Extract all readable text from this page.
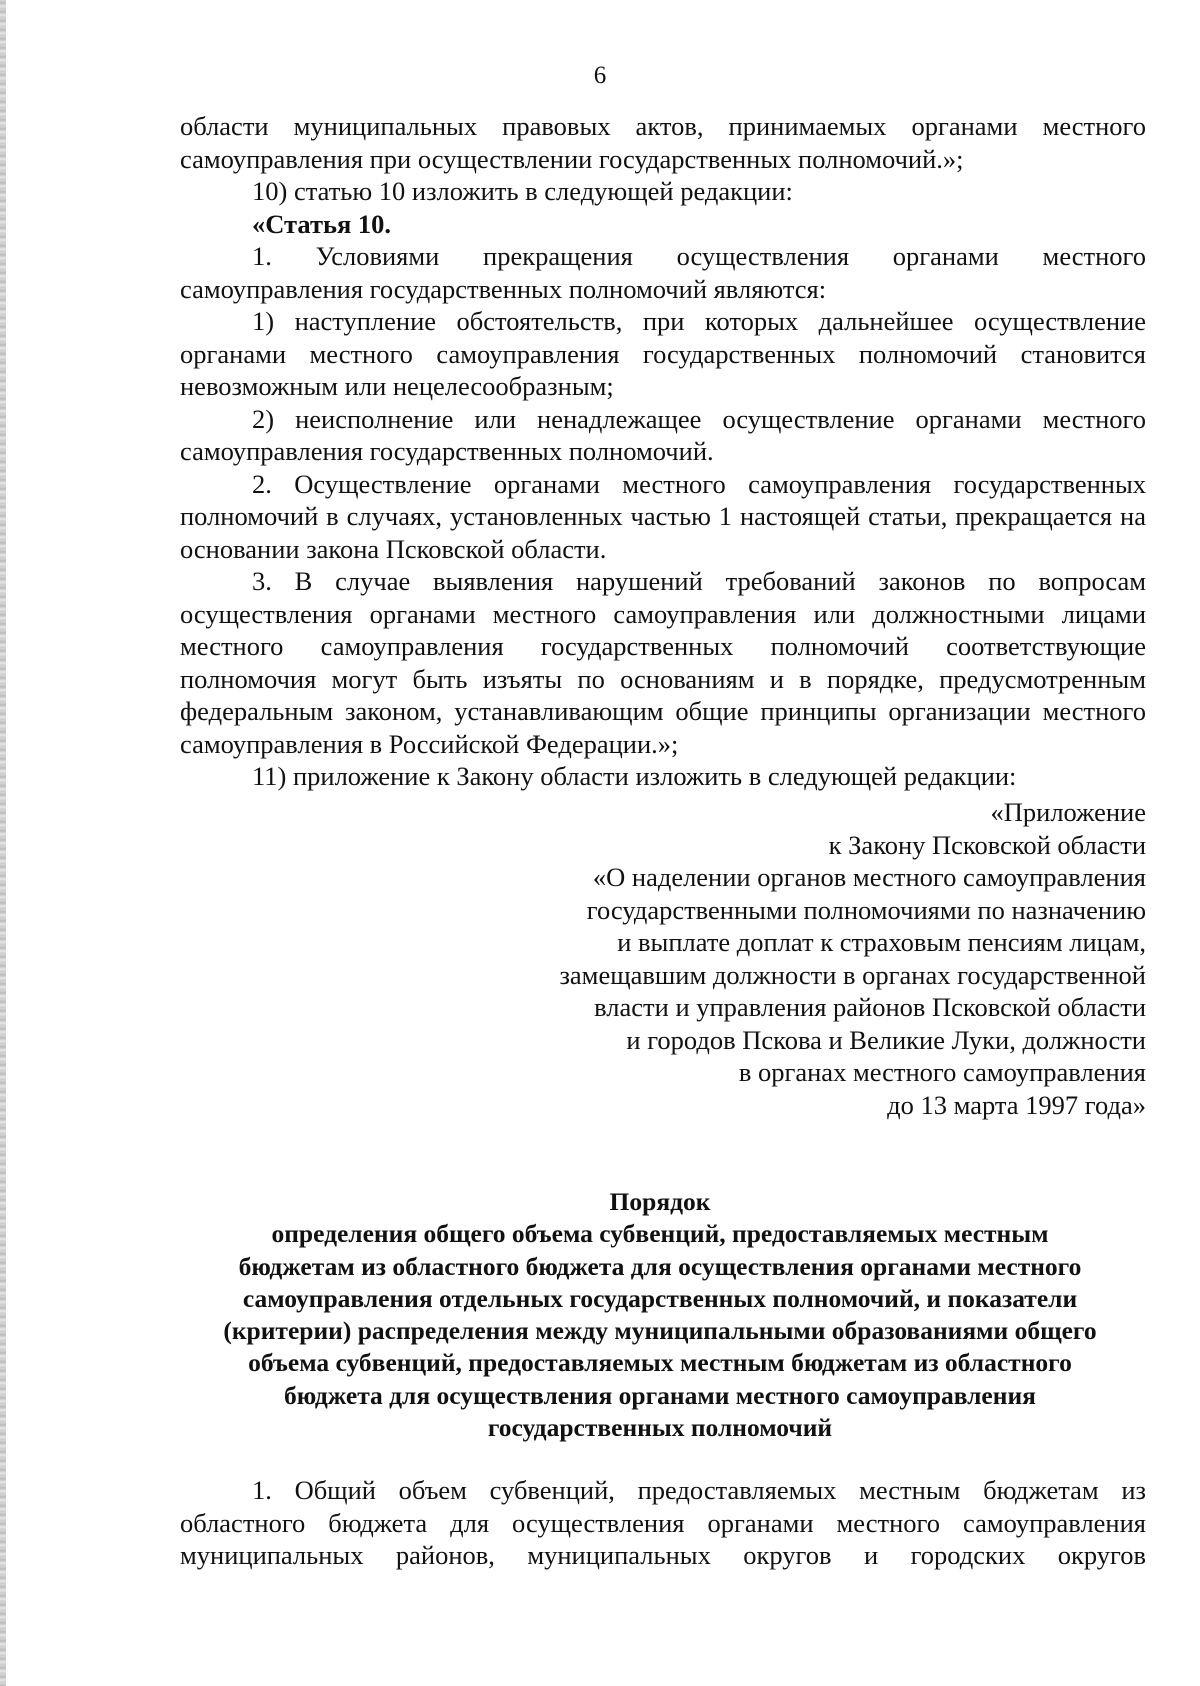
6

области муниципальных правовых актов, принимаемых органами местного самоуправления при осуществлении государственных полномочий.»;

10) статью 10 изложить в следующей редакции:

«Статья 10.

1. Условиями прекращения осуществления органами местного самоуправления государственных полномочий являются:

1) наступление обстоятельств, при которых дальнейшее осуществление органами местного самоуправления государственных полномочий становится невозможным или нецелесообразным;

2) неисполнение или ненадлежащее осуществление органами местного самоуправления государственных полномочий.

2. Осуществление органами местного самоуправления государственных полномочий в случаях, установленных частью 1 настоящей статьи, прекращается на основании закона Псковской области.

3. В случае выявления нарушений требований законов по вопросам осуществления органами местного самоуправления или должностными лицами местного самоуправления государственных полномочий соответствующие полномочия могут быть изъяты по основаниям и в порядке, предусмотренным федеральным законом, устанавливающим общие принципы организации местного самоуправления в Российской Федерации.»;

11) приложение к Закону области изложить в следующей редакции:

«Приложение
к Закону Псковской области
«О наделении органов местного самоуправления
государственными полномочиями по назначению
и выплате доплат к страховым пенсиям лицам,
замещавшим должности в органах государственной
власти и управления районов Псковской области
и городов Пскова и Великие Луки, должности
в органах местного самоуправления
до 13 марта 1997 года»
Порядок
определения общего объема субвенций, предоставляемых местным
бюджетам из областного бюджета для осуществления органами местного
самоуправления отдельных государственных полномочий, и показатели
(критерии) распределения между муниципальными образованиями общего
объема субвенций, предоставляемых местным бюджетам из областного
бюджета для осуществления органами местного самоуправления
государственных полномочий

1. Общий объем субвенций, предоставляемых местным бюджетам из областного бюджета для осуществления органами местного самоуправления муниципальных районов, муниципальных округов и городских округов
